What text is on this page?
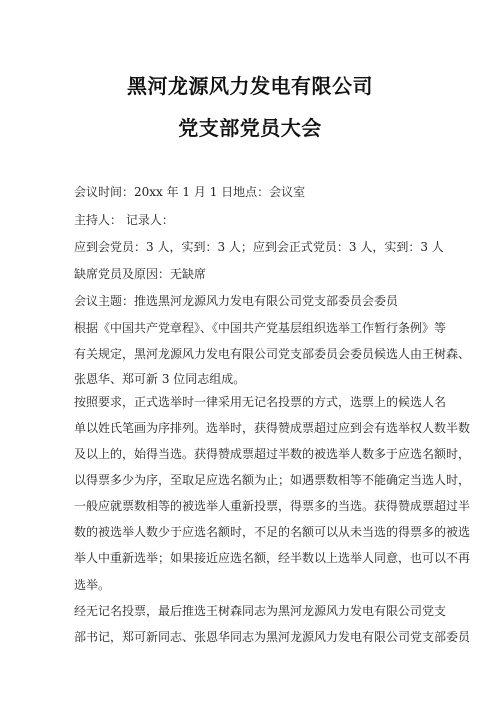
黑河龙源风力发电有限公司
党支部党员大会
会议时间：20xx 年 1 月 1 日地点：会议室
主持人： 记录人：
应到会党员：3 人，实到：3 人；应到会正式党员：3 人，实到：3 人
缺席党员及原因：无缺席
会议主题：推选黑河龙源风力发电有限公司党支部委员会委员
根据《中国共产党章程》、《中国共产党基层组织选举工作暂行条例》等
有关规定，黑河龙源风力发电有限公司党支部委员会委员候选人由王树森、
张恩华、郑可新 3 位同志组成。
按照要求，正式选举时一律采用无记名投票的方式，选票上的候选人名
单以姓氏笔画为序排列。选举时，获得赞成票超过应到会有选举权人数半数
及以上的，始得当选。获得赞成票超过半数的被选举人数多于应选名额时，
以得票多少为序，至取足应选名额为止；如遇票数相等不能确定当选人时，
一般应就票数相等的被选举人重新投票，得票多的当选。获得赞成票超过半
数的被选举人数少于应选名额时，不足的名额可以从未当选的得票多的被选
举人中重新选举；如果接近应选名额，经半数以上选举人同意，也可以不再
选举。
经无记名投票，最后推选王树森同志为黑河龙源风力发电有限公司党支
部书记，郑可新同志、张恩华同志为黑河龙源风力发电有限公司党支部委员
